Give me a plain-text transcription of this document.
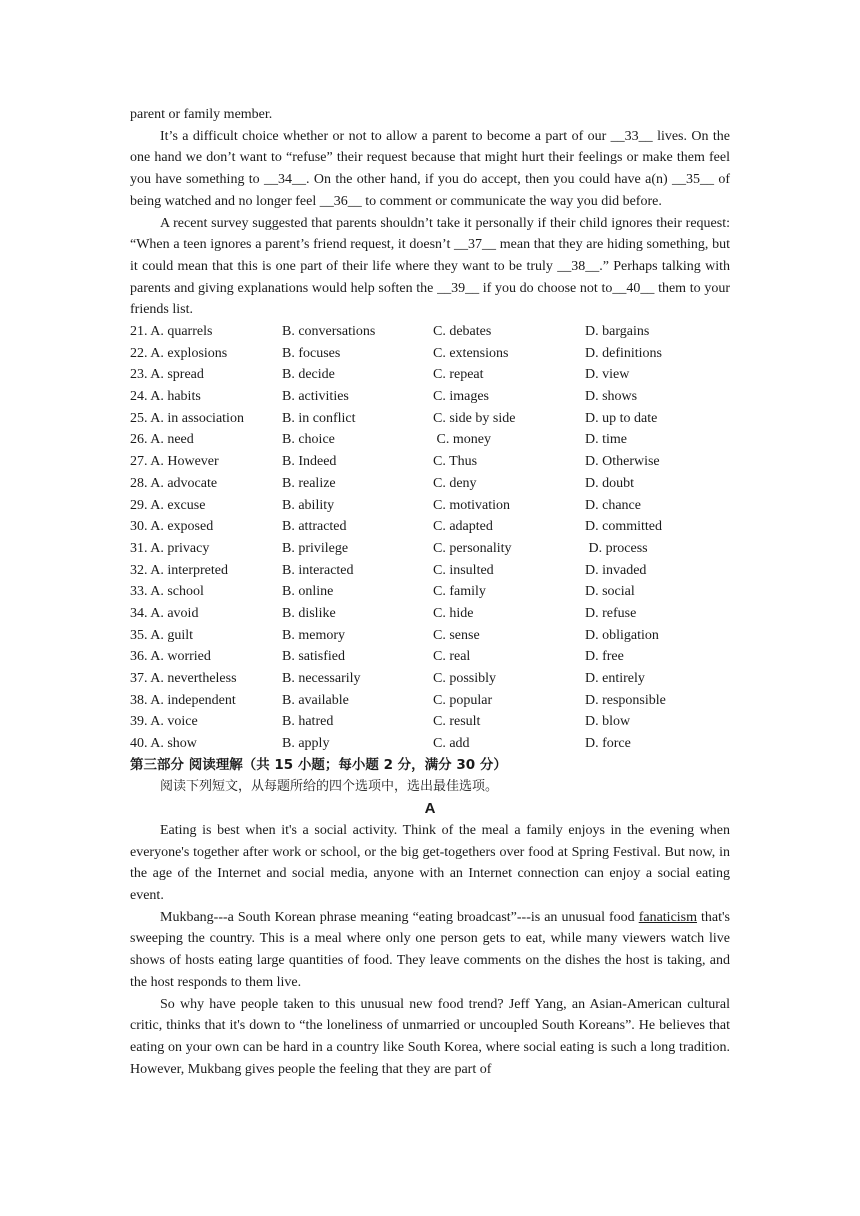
parent or family member.

It’s a difficult choice whether or not to allow a parent to become a part of our __33__ lives. On the one hand we don’t want to “refuse” their request because that might hurt their feelings or make them feel you have something to __34__. On the other hand, if you do accept, then you could have a(n) __35__ of being watched and no longer feel __36__ to comment or communicate the way you did before.

A recent survey suggested that parents shouldn’t take it personally if their child ignores their request: “When a teen ignores a parent’s friend request, it doesn’t __37__ mean that they are hiding something, but it could mean that this is one part of their life where they want to be truly __38__.” Perhaps talking with parents and giving explanations would help soften the __39__ if you do choose not to__40__ them to your friends list.

21. A. quarrels	B. conversations	C. debates	D. bargains
22. A. explosions	B. focuses	C. extensions	D. definitions
23. A. spread	B. decide	C. repeat	D. view
24. A. habits	B. activities	C. images	D. shows
25. A. in association	B. in conflict	C. side by side	D. up to date
26. A. need	B. choice	C. money	D. time
27. A. However	B. Indeed	C. Thus	D. Otherwise
28. A. advocate	B. realize	C. deny	D. doubt
29. A. excuse	B. ability	C. motivation	D. chance
30. A. exposed	B. attracted	C. adapted	D. committed
31. A. privacy	B. privilege	C. personality	D. process
32. A. interpreted	B. interacted	C. insulted	D. invaded
33. A. school	B. online	C. family	D. social
34. A. avoid	B. dislike	C. hide	D. refuse
35. A. guilt	B. memory	C. sense	D. obligation
36. A. worried	B. satisfied	C. real	D. free
37. A. nevertheless	B. necessarily	C. possibly	D. entirely
38. A. independent	B. available	C. popular	D. responsible
39. A. voice	B. hatred	C. result	D. blow
40. A. show	B. apply	C. add	D. force

第三部分 阅读理解（共 15 小题；每小题 2 分，满分 30 分）

阅读下列短文，从每题所给的四个选项中，选出最佳选项。

A

Eating is best when it's a social activity. Think of the meal a family enjoys in the evening when everyone's together after work or school, or the big get-togethers over food at Spring Festival. But now, in the age of the Internet and social media, anyone with an Internet connection can enjoy a social eating event.

Mukbang---a South Korean phrase meaning “eating broadcast”---is an unusual food fanaticism that's sweeping the country. This is a meal where only one person gets to eat, while many viewers watch live shows of hosts eating large quantities of food. They leave comments on the dishes the host is taking, and the host responds to them live.

So why have people taken to this unusual new food trend? Jeff Yang, an Asian-American cultural critic, thinks that it's down to “the loneliness of unmarried or uncoupled South Koreans”. He believes that eating on your own can be hard in a country like South Korea, where social eating is such a long tradition. However, Mukbang gives people the feeling that they are part of
